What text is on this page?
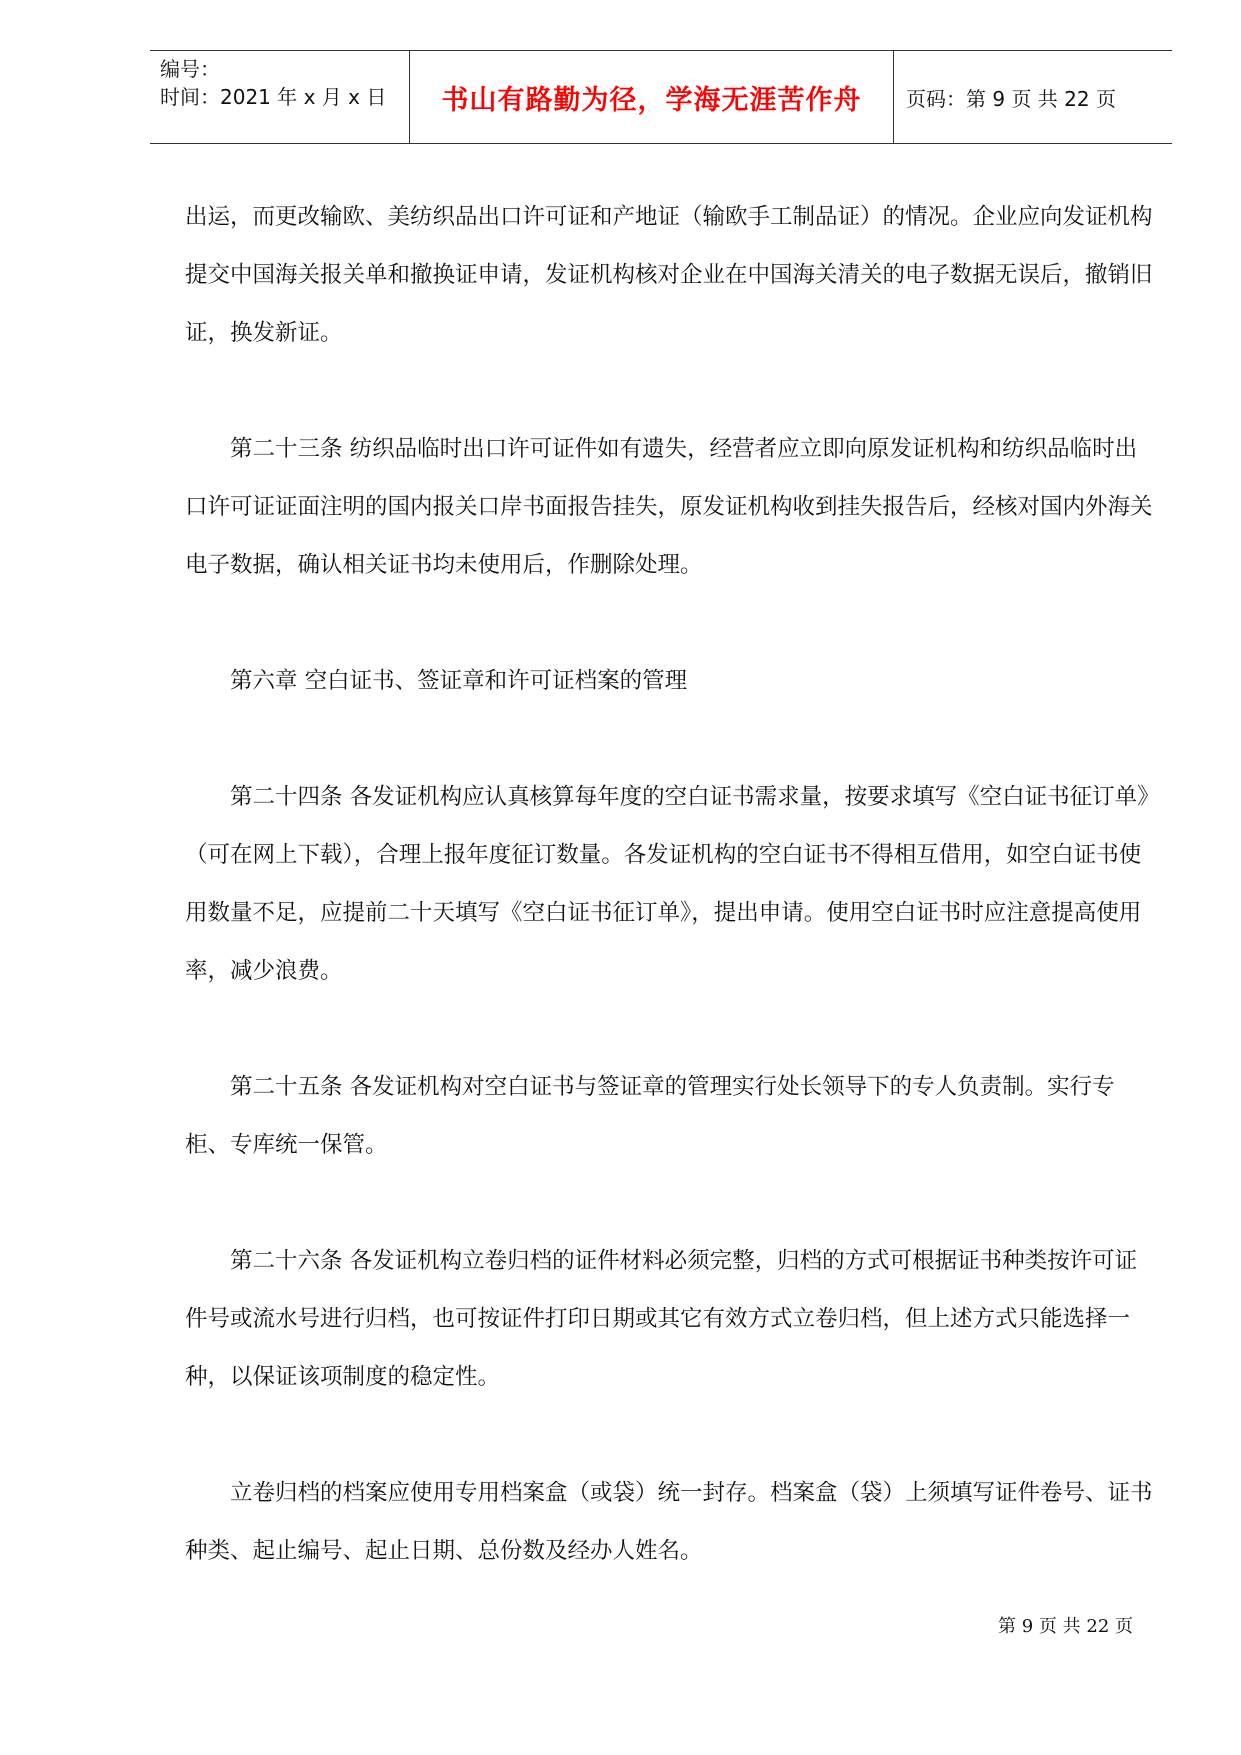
编号：
时间：2021 年 x 月 x 日	书山有路勤为径，学海无涯苦作舟 页码：第 9 页 共 22 页

出运，而更改输欧、美纺织品出口许可证和产地证（输欧手工制品证）的情况。企业应向发证机构提交中国海关报关单和撤换证申请，发证机构核对企业在中国海关清关的电子数据无误后，撤销旧证，换发新证。

第二十三条 纺织品临时出口许可证件如有遗失，经营者应立即向原发证机构和纺织品临时出口许可证证面注明的国内报关口岸书面报告挂失，原发证机构收到挂失报告后，经核对国内外海关电子数据，确认相关证书均未使用后，作删除处理。

第六章 空白证书、签证章和许可证档案的管理

第二十四条 各发证机构应认真核算每年度的空白证书需求量，按要求填写《空白证书征订单》（可在网上下载），合理上报年度征订数量。各发证机构的空白证书不得相互借用，如空白证书使用数量不足，应提前二十天填写《空白证书征订单》，提出申请。使用空白证书时应注意提高使用率，减少浪费。

第二十五条 各发证机构对空白证书与签证章的管理实行处长领导下的专人负责制。实行专柜、专库统一保管。

第二十六条 各发证机构立卷归档的证件材料必须完整，归档的方式可根据证书种类按许可证件号或流水号进行归档，也可按证件打印日期或其它有效方式立卷归档，但上述方式只能选择一种，以保证该项制度的稳定性。

立卷归档的档案应使用专用档案盒（或袋）统一封存。档案盒（袋）上须填写证件卷号、证书种类、起止编号、起止日期、总份数及经办人姓名。

第 9 页 共 22 页
